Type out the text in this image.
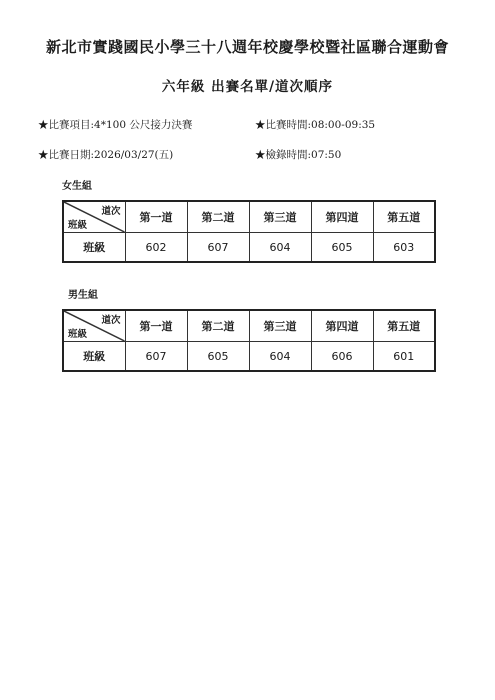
新北市實踐國民小學三十八週年校慶學校暨社區聯合運動會
六年級 出賽名單/道次順序
★比賽項目:4*100 公尺接力決賽	★比賽時間:08:00-09:35
★比賽日期:2026/03/27(五)	★檢錄時間:07:50
女生組
道次
班級	第一道	第二道	第三道	第四道	第五道
班級	602	607	604	605	603
男生組
道次
班級	第一道	第二道	第三道	第四道	第五道
班級	607	605	604	606	601
